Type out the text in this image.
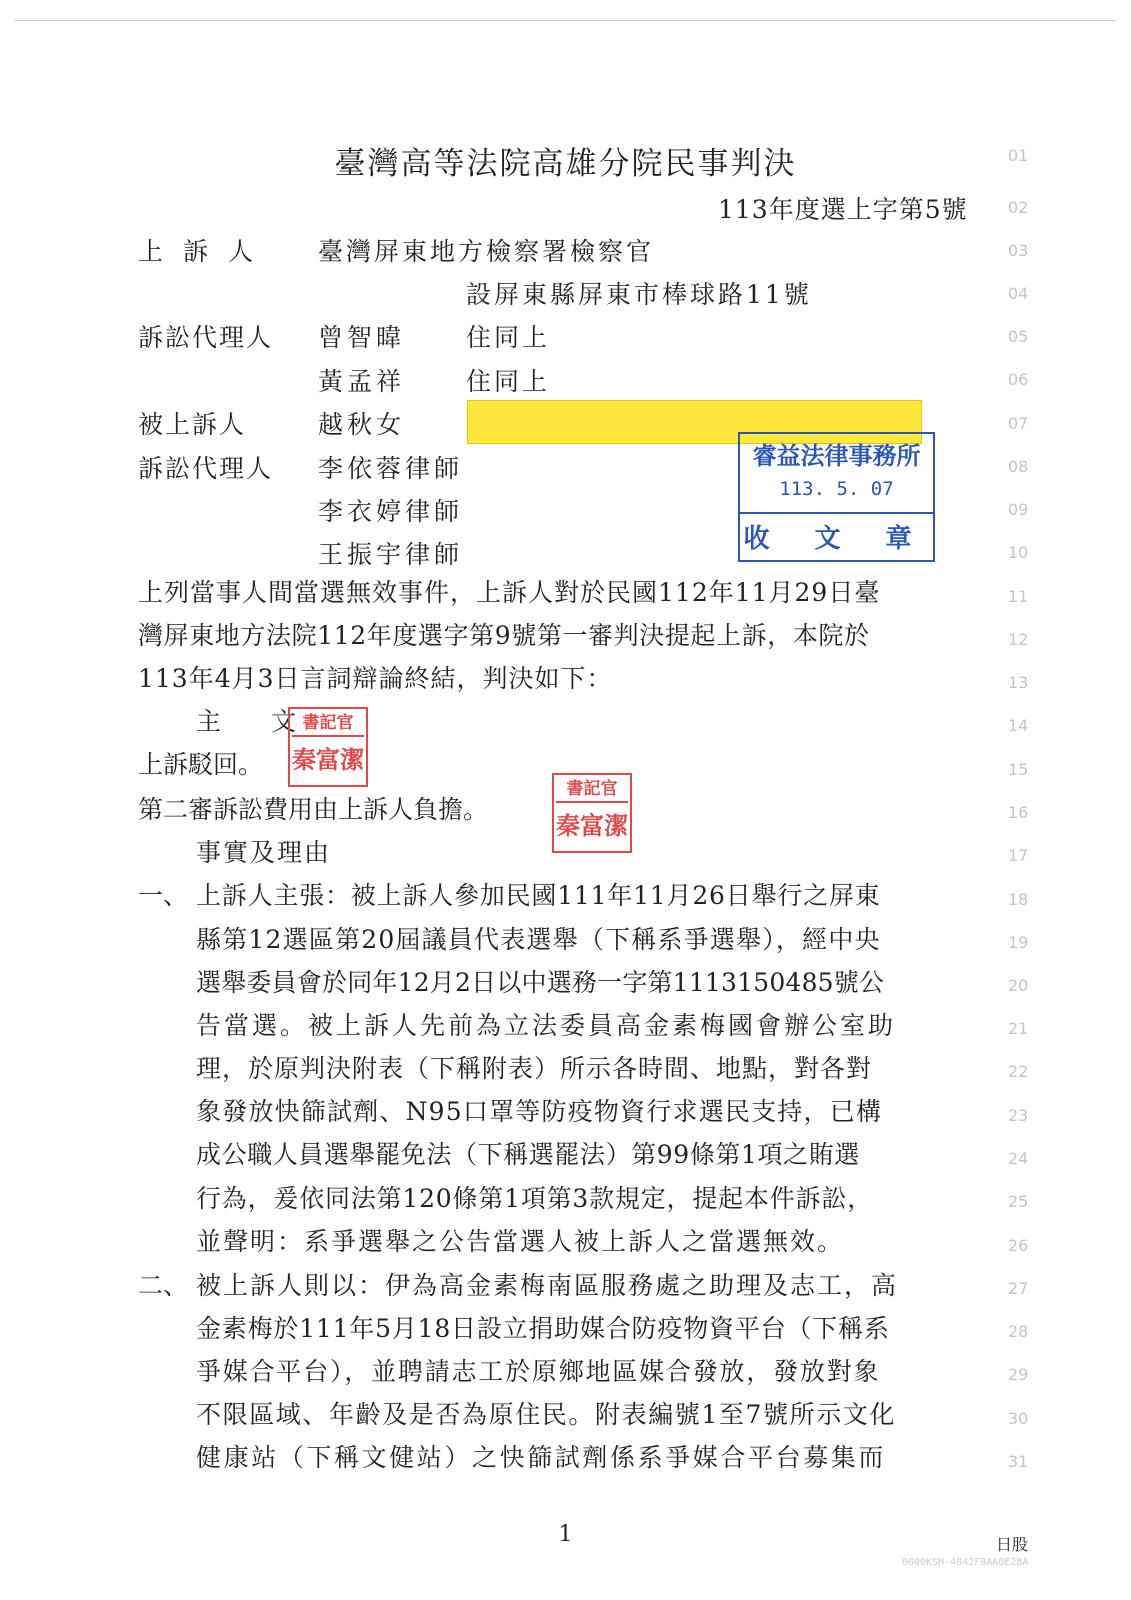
臺灣高等法院高雄分院民事判決
113年度選上字第5號
上訴人 臺灣屏東地方檢察署檢察官
設屏東縣屏東市棒球路11號
訴訟代理人 曾智暐 住同上
黃孟祥 住同上
被上訴人	越秋女
訴訟代理人 李依蓉律師
李衣婷律師
王振宇律師
睿益法律事務所
113. 5. 07
收 文 章
上列當事人間當選無效事件，上訴人對於民國112年11月29日臺
灣屏東地方法院112年度選字第9號第一審判決提起上訴，本院於
113年4月3日言詞辯論終結，判決如下：
主　　文 書記官
秦富潔
上訴駁回。
第二審訴訟費用由上訴人負擔。
書記官
秦富潔
事實及理由
一、 上訴人主張：被上訴人參加民國111年11月26日舉行之屏東
縣第12選區第20屆議員代表選舉（下稱系爭選舉），經中央
選舉委員會於同年12月2日以中選務一字第1113150485號公
告當選。被上訴人先前為立法委員高金素梅國會辦公室助
理，於原判決附表（下稱附表）所示各時間、地點，對各對
象發放快篩試劑、N95口罩等防疫物資行求選民支持，已構
成公職人員選舉罷免法（下稱選罷法）第99條第1項之賄選
行為，爰依同法第120條第1項第3款規定，提起本件訴訟，
並聲明：系爭選舉之公告當選人被上訴人之當選無效。
二、 被上訴人則以：伊為高金素梅南區服務處之助理及志工，高
金素梅於111年5月18日設立捐助媒合防疫物資平台（下稱系
爭媒合平台），並聘請志工於原鄉地區媒合發放，發放對象
不限區域、年齡及是否為原住民。附表編號1至7號所示文化
健康站（下稱文健站）之快篩試劑係系爭媒合平台募集而
01
02
03
04
05
06
07
08
09
10
11
12
13
14
15
16
17
18
19
20
21
22
23
24
25
26
27
28
29
30
31
1	日股
0000KSH-4042F8AA0E28A
